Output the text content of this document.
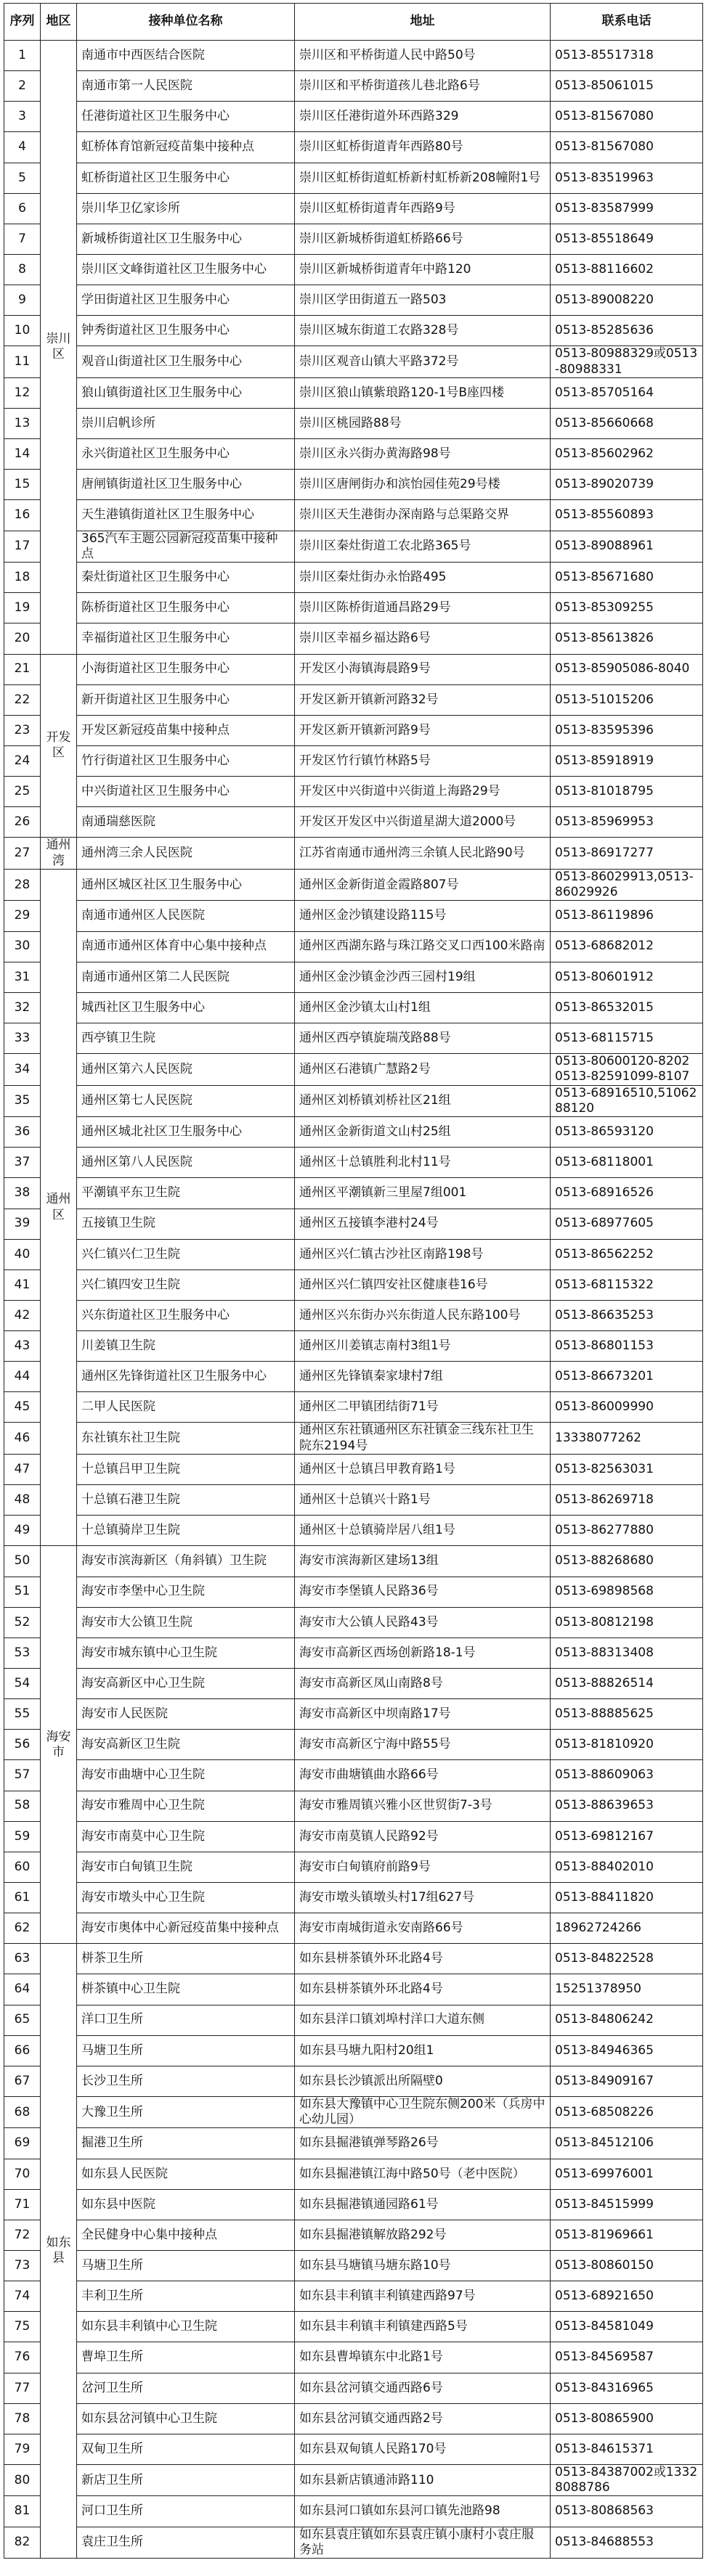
序列	地区	接种单位名称	地址	联系电话
1	崇川区	南通市中西医结合医院	崇川区和平桥街道人民中路50号	0513-85517318
2		南通市第一人民医院	崇川区和平桥街道孩儿巷北路6号	0513-85061015
3		任港街道社区卫生服务中心	崇川区任港街道外环西路329	0513-81567080
4		虹桥体育馆新冠疫苗集中接种点	崇川区虹桥街道青年西路80号	0513-81567080
5		虹桥街道社区卫生服务中心	崇川区虹桥街道虹桥新村虹桥新208幢附1号	0513-83519963
6		崇川华卫亿家诊所	崇川区虹桥街道青年西路9号	0513-83587999
7		新城桥街道社区卫生服务中心	崇川区新城桥街道虹桥路66号	0513-85518649
8		崇川区文峰街道社区卫生服务中心	崇川区新城桥街道青年中路120	0513-88116602
9		学田街道社区卫生服务中心	崇川区学田街道五一路503	0513-89008220
10		钟秀街道社区卫生服务中心	崇川区城东街道工农路328号	0513-85285636
11		观音山街道社区卫生服务中心	崇川区观音山镇大平路372号	0513-80988329或0513-80988331
12		狼山镇街道社区卫生服务中心	崇川区狼山镇紫琅路120-1号B座四楼	0513-85705164
13		崇川启帆诊所	崇川区桃园路88号	0513-85660668
14		永兴街道社区卫生服务中心	崇川区永兴街办黄海路98号	0513-85602962
15		唐闸镇街道社区卫生服务中心	崇川区唐闸街办和滨怡园佳苑29号楼	0513-89020739
16		天生港镇街道社区卫生服务中心	崇川区天生港街办深南路与总渠路交界	0513-85560893
17		365汽车主题公园新冠疫苗集中接种点	崇川区秦灶街道工农北路365号	0513-89088961
18		秦灶街道社区卫生服务中心	崇川区秦灶街办永怡路495	0513-85671680
19		陈桥街道社区卫生服务中心	崇川区陈桥街道通昌路29号	0513-85309255
20		幸福街道社区卫生服务中心	崇川区幸福乡福达路6号	0513-85613826
21	开发区	小海街道社区卫生服务中心	开发区小海镇海晨路9号	0513-85905086-8040
22		新开街道社区卫生服务中心	开发区新开镇新河路32号	0513-51015206
23		开发区新冠疫苗集中接种点	开发区新开镇新河路9号	0513-83595396
24		竹行街道社区卫生服务中心	开发区竹行镇竹林路5号	0513-85918919
25		中兴街道社区卫生服务中心	开发区中兴街道中兴街道上海路29号	0513-81018795
26		南通瑞慈医院	开发区开发区中兴街道星湖大道2000号	0513-85969953
27	通州湾	通州湾三余人民医院	江苏省南通市通州湾三余镇人民北路90号	0513-86917277
28	通州区	通州区城区社区卫生服务中心	通州区金新街道金霞路807号	0513-86029913,0513-86029926
29		南通市通州区人民医院	通州区金沙镇建设路115号	0513-86119896
30		南通市通州区体育中心集中接种点	通州区西湖东路与珠江路交叉口西100米路南	0513-68682012
31		南通市通州区第二人民医院	通州区金沙镇金沙西三园村19组	0513-80601912
32		城西社区卫生服务中心	通州区金沙镇太山村1组	0513-86532015
33		西亭镇卫生院	通州区西亭镇旋瑞茂路88号	0513-68115715
34		通州区第六人民医院	通州区石港镇广慧路2号	0513-80600120-8202 0513-82591099-8107
35		通州区第七人民医院	通州区刘桥镇刘桥社区21组	0513-68916510,5106288120
36		通州区城北社区卫生服务中心	通州区金新街道文山村25组	0513-86593120
37		通州区第八人民医院	通州区十总镇胜利北村11号	0513-68118001
38		平潮镇平东卫生院	通州区平潮镇新三里屋7组001	0513-68916526
39		五接镇卫生院	通州区五接镇李港村24号	0513-68977605
40		兴仁镇兴仁卫生院	通州区兴仁镇古沙社区南路198号	0513-86562252
41		兴仁镇四安卫生院	通州区兴仁镇四安社区健康巷16号	0513-68115322
42		兴东街道社区卫生服务中心	通州区兴东街办兴东街道人民东路100号	0513-86635253
43		川姜镇卫生院	通州区川姜镇志南村3组1号	0513-86801153
44		通州区先锋街道社区卫生服务中心	通州区先锋镇秦家埭村7组	0513-86673201
45		二甲人民医院	通州区二甲镇团结街71号	0513-86009990
46		东社镇东社卫生院	通州区东社镇通州区东社镇金三线东社卫生院东2194号	13338077262
47		十总镇吕甲卫生院	通州区十总镇吕甲教育路1号	0513-82563031
48		十总镇石港卫生院	通州区十总镇兴十路1号	0513-86269718
49		十总镇骑岸卫生院	通州区十总镇骑岸居八组1号	0513-86277880
50	海安市	海安市滨海新区（角斜镇）卫生院	海安市滨海新区建场13组	0513-88268680
51		海安市李堡中心卫生院	海安市李堡镇人民路36号	0513-69898568
52		海安市大公镇卫生院	海安市大公镇人民路43号	0513-80812198
53		海安市城东镇中心卫生院	海安市高新区西场创新路18-1号	0513-88313408
54		海安高新区中心卫生院	海安市高新区凤山南路8号	0513-88826514
55		海安市人民医院	海安市高新区中坝南路17号	0513-88885625
56		海安高新区卫生院	海安市高新区宁海中路55号	0513-81810920
57		海安市曲塘中心卫生院	海安市曲塘镇曲水路66号	0513-88609063
58		海安市雅周中心卫生院	海安市雅周镇兴雅小区世贸街7-3号	0513-88639653
59		海安市南莫中心卫生院	海安市南莫镇人民路92号	0513-69812167
60		海安市白甸镇卫生院	海安市白甸镇府前路9号	0513-88402010
61		海安市墩头中心卫生院	海安市墩头镇墩头村17组627号	0513-88411820
62		海安市奥体中心新冠疫苗集中接种点	海安市南城街道永安南路66号	18962724266
63	如东县	栟茶卫生所	如东县栟茶镇外环北路4号	0513-84822528
64		栟茶镇中心卫生院	如东县栟茶镇外环北路4号	15251378950
65		洋口卫生所	如东县洋口镇刘埠村洋口大道东侧	0513-84806242
66		马塘卫生所	如东县马塘九阳村20组1	0513-84946365
67		长沙卫生所	如东县长沙镇派出所隔壁0	0513-84909167
68		大豫卫生所	如东县大豫镇中心卫生院东侧200米（兵房中心幼儿园）	0513-68508226
69		掘港卫生所	如东县掘港镇弹琴路26号	0513-84512106
70		如东县人民医院	如东县掘港镇江海中路50号（老中医院）	0513-69976001
71		如东县中医院	如东县掘港镇通园路61号	0513-84515999
72		全民健身中心集中接种点	如东县掘港镇解放路292号	0513-81969661
73		马塘卫生所	如东县马塘镇马塘东路10号	0513-80860150
74		丰利卫生所	如东县丰利镇丰利镇建西路97号	0513-68921650
75		如东县丰利镇中心卫生院	如东县丰利镇丰利镇建西路5号	0513-84581049
76		曹埠卫生所	如东县曹埠镇东中北路1号	0513-84569587
77		岔河卫生所	如东县岔河镇交通西路6号	0513-84316965
78		如东县岔河镇中心卫生院	如东县岔河镇交通西路2号	0513-80865900
79		双甸卫生所	如东县双甸镇人民路170号	0513-84615371
80		新店卫生所	如东县新店镇通沛路110	0513-84387002或13328088786
81		河口卫生所	如东县河口镇如东县河口镇先池路98	0513-80868563
82		袁庄卫生所	如东县袁庄镇如东县袁庄镇小康村小袁庄服务站	0513-84688553
